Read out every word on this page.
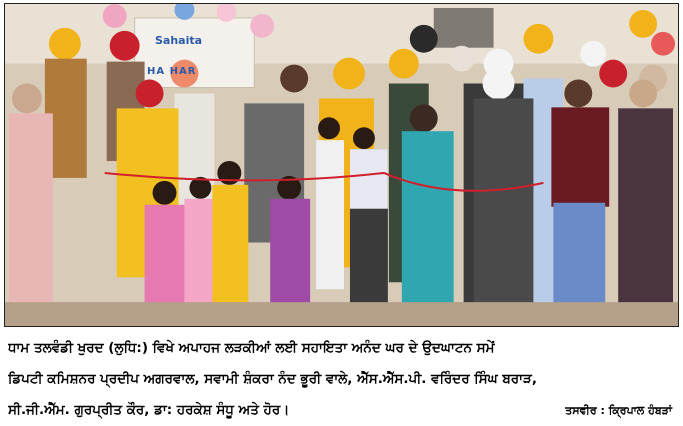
Sahaita
HA HAR
ਧਾਮ ਤਲਵੰਡੀ ਖੁਰਦ (ਲੁਧਿ:) ਵਿਖੇ ਅਪਾਹਜ ਲੜਕੀਆਂ ਲਈ ਸਹਾਇਤਾ ਅਨੰਦ ਘਰ ਦੇ ਉਦਘਾਟਨ ਸਮੇਂ
ਡਿਪਟੀ ਕਮਿਸ਼ਨਰ ਪ੍ਰਦੀਪ ਅਗਰਵਾਲ, ਸਵਾਮੀ ਸ਼ੰਕਰਾ ਨੰਦ ਭੂਰੀ ਵਾਲੇ, ਐੱਸ.ਐੱਸ.ਪੀ. ਵਰਿੰਦਰ ਸਿੰਘ ਬਰਾੜ,
ਸੀ.ਜੀ.ਐੱਮ. ਗੁਰਪ੍ਰੀਤ ਕੌਰ, ਡਾ: ਹਰਕੇਸ਼ ਸੰਧੂ ਅਤੇ ਹੋਰ।	ਤਸਵੀਰ : ਕ੍ਰਿਪਾਲ ਹੰਬੜਾਂ
